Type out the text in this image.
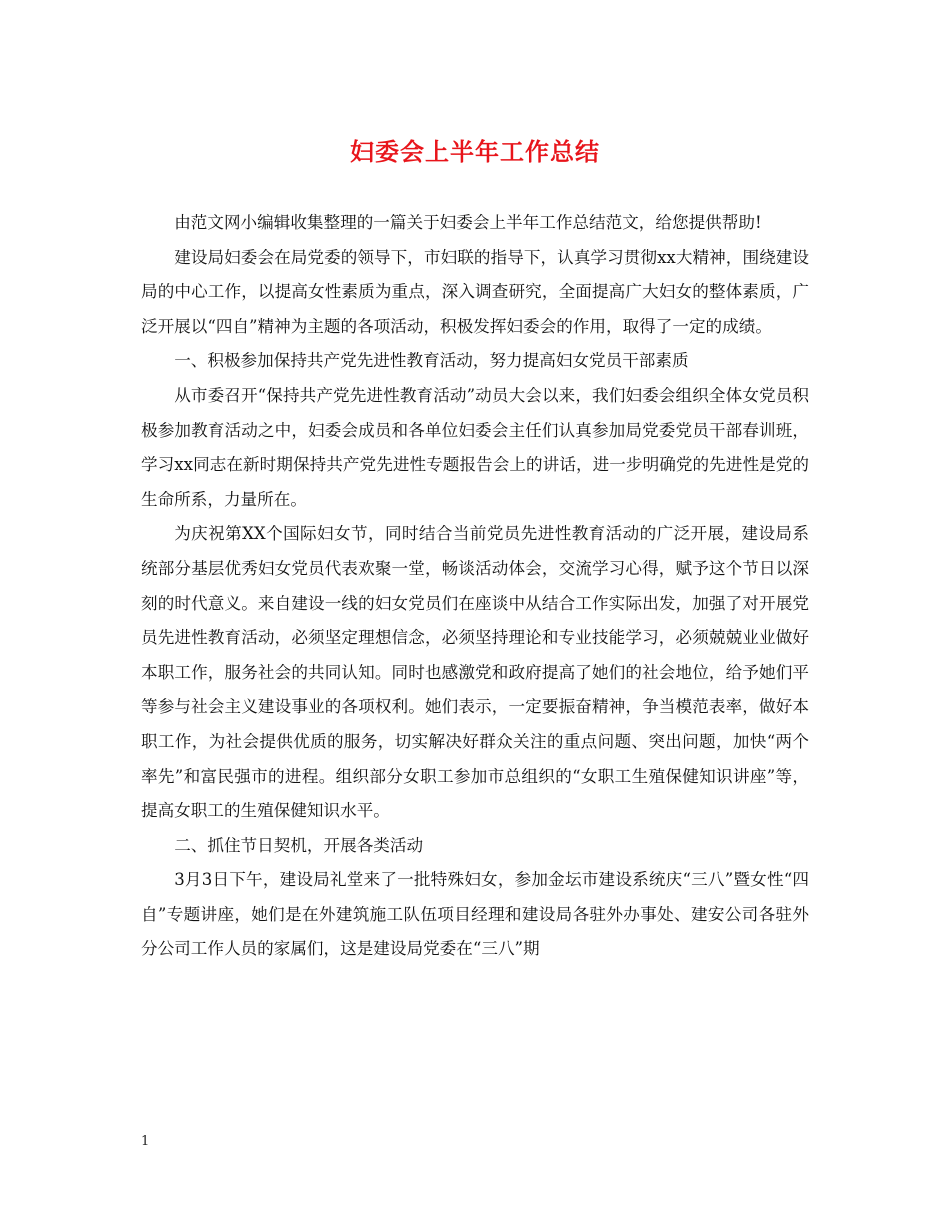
妇委会上半年工作总结

由范文网小编辑收集整理的一篇关于妇委会上半年工作总结范文，给您提供帮助!

建设局妇委会在局党委的领导下，市妇联的指导下，认真学习贯彻xx大精神，围绕建设局的中心工作，以提高女性素质为重点，深入调查研究，全面提高广大妇女的整体素质，广泛开展以“四自”精神为主题的各项活动，积极发挥妇委会的作用，取得了一定的成绩。

一、积极参加保持共产党先进性教育活动，努力提高妇女党员干部素质

从市委召开“保持共产党先进性教育活动”动员大会以来，我们妇委会组织全体女党员积极参加教育活动之中，妇委会成员和各单位妇委会主任们认真参加局党委党员干部春训班，学习xx同志在新时期保持共产党先进性专题报告会上的讲话，进一步明确党的先进性是党的生命所系，力量所在。

为庆祝第XX个国际妇女节，同时结合当前党员先进性教育活动的广泛开展，建设局系统部分基层优秀妇女党员代表欢聚一堂，畅谈活动体会，交流学习心得，赋予这个节日以深刻的时代意义。来自建设一线的妇女党员们在座谈中从结合工作实际出发，加强了对开展党员先进性教育活动，必须坚定理想信念，必须坚持理论和专业技能学习，必须兢兢业业做好本职工作，服务社会的共同认知。同时也感激党和政府提高了她们的社会地位，给予她们平等参与社会主义建设事业的各项权利。她们表示，一定要振奋精神，争当模范表率，做好本职工作，为社会提供优质的服务，切实解决好群众关注的重点问题、突出问题，加快“两个率先”和富民强市的进程。组织部分女职工参加市总组织的“女职工生殖保健知识讲座”等，提高女职工的生殖保健知识水平。

二、抓住节日契机，开展各类活动

3月3日下午，建设局礼堂来了一批特殊妇女，参加金坛市建设系统庆“三八”暨女性“四自”专题讲座，她们是在外建筑施工队伍项目经理和建设局各驻外办事处、建安公司各驻外分公司工作人员的家属们，这是建设局党委在“三八”期

1
